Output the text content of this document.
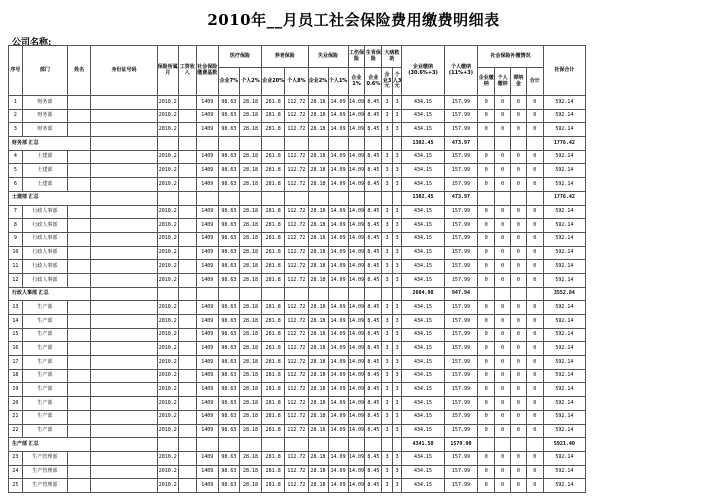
2010年__月员工社会保险费用缴费明细表
公司名称:
序号	部门	姓名	身份证号码	保险所属月	工资收入	社会保险缴费基数	医疗保险		养老保险		失业保险		工伤保险	生育保险	大病救助		企业缴纳(30.6%+3)	个人缴纳 (11%+3)	社会保险补缴情况				社保合计
							企业7%	个人2%	企业20%	个人8%	企业2%	个人1%	企业1%	企业0.6%	企业3元	个人3元			企业缴纳	个人缴纳	滞纳金	合计	
1	财务部			2010.2		1409	98.63	28.18	281.8	112.72	28.18	14.09	14.09	8.45	3	3	434.15	157.99	0	0	0	0	592.14
2	财务部			2010.2		1409	98.63	28.18	281.8	112.72	28.18	14.09	14.09	8.45	3	3	434.15	157.99	0	0	0	0	592.14
3	财务部			2010.2		1409	98.63	28.18	281.8	112.72	28.18	14.09	14.09	8.45	3	3	434.15	157.99	0	0	0	0	592.14
财务部 汇总																	1302.45	473.97					1776.42
4	土建部			2010.2		1409	98.63	28.18	281.8	112.72	28.18	14.09	14.09	8.45	3	3	434.15	157.99	0	0	0	0	592.14
5	土建部			2010.2		1409	98.63	28.18	281.8	112.72	28.18	14.09	14.09	8.45	3	3	434.15	157.99	0	0	0	0	592.14
6	土建部			2010.2		1409	98.63	28.18	281.8	112.72	28.18	14.09	14.09	8.45	3	3	434.15	157.99	0	0	0	0	592.14
土建部 汇总																	1302.45	473.97					1776.42
7	行政人事部			2010.2		1409	98.63	28.18	281.8	112.72	28.18	14.09	14.09	8.45	3	3	434.15	157.99	0	0	0	0	592.14
8	行政人事部			2010.2		1409	98.63	28.18	281.8	112.72	28.18	14.09	14.09	8.45	3	3	434.15	157.99	0	0	0	0	592.14
9	行政人事部			2010.2		1409	98.63	28.18	281.8	112.72	28.18	14.09	14.09	8.45	3	3	434.15	157.99	0	0	0	0	592.14
10	行政人事部			2010.2		1409	98.63	28.18	281.8	112.72	28.18	14.09	14.09	8.45	3	3	434.15	157.99	0	0	0	0	592.14
11	行政人事部			2010.2		1409	98.63	28.18	281.8	112.72	28.18	14.09	14.09	8.45	3	3	434.15	157.99	0	0	0	0	592.14
12	行政人事部			2010.2		1409	98.63	28.18	281.8	112.72	28.18	14.09	14.09	8.45	3	3	434.15	157.99	0	0	0	0	592.14
行政人事部 汇总																	2604.90	947.94					3552.84
13	生产部			2010.2		1409	98.63	28.18	281.8	112.72	28.18	14.09	14.09	8.45	3	3	434.15	157.99	0	0	0	0	592.14
14	生产部			2010.2		1409	98.63	28.18	281.8	112.72	28.18	14.09	14.09	8.45	3	3	434.15	157.99	0	0	0	0	592.14
15	生产部			2010.2		1409	98.63	28.18	281.8	112.72	28.18	14.09	14.09	8.45	3	3	434.15	157.99	0	0	0	0	592.14
16	生产部			2010.2		1409	98.63	28.18	281.8	112.72	28.18	14.09	14.09	8.45	3	3	434.15	157.99	0	0	0	0	592.14
17	生产部			2010.2		1409	98.63	28.18	281.8	112.72	28.18	14.09	14.09	8.45	3	3	434.15	157.99	0	0	0	0	592.14
18	生产部			2010.2		1409	98.63	28.18	281.8	112.72	28.18	14.09	14.09	8.45	3	3	434.15	157.99	0	0	0	0	592.14
19	生产部			2010.2		1409	98.63	28.18	281.8	112.72	28.18	14.09	14.09	8.45	3	3	434.15	157.99	0	0	0	0	592.14
20	生产部			2010.2		1409	98.63	28.18	281.8	112.72	28.18	14.09	14.09	8.45	3	3	434.15	157.99	0	0	0	0	592.14
21	生产部			2010.2		1409	98.63	28.18	281.8	112.72	28.18	14.09	14.09	8.45	3	3	434.15	157.99	0	0	0	0	592.14
22	生产部			2010.2		1409	98.63	28.18	281.8	112.72	28.18	14.09	14.09	8.45	3	3	434.15	157.99	0	0	0	0	592.14
生产部 汇总																	4341.50	1579.90					5921.40
23	生产管理部			2010.2		1409	98.63	28.18	281.8	112.72	28.18	14.09	14.09	8.45	3	3	434.15	157.99	0	0	0	0	592.14
24	生产管理部			2010.2		1409	98.63	28.18	281.8	112.72	28.18	14.09	14.09	8.45	3	3	434.15	157.99	0	0	0	0	592.14
25	生产管理部			2010.2		1409	98.63	28.18	281.8	112.72	28.18	14.09	14.09	8.45	3	3	434.15	157.99	0	0	0	0	592.14
